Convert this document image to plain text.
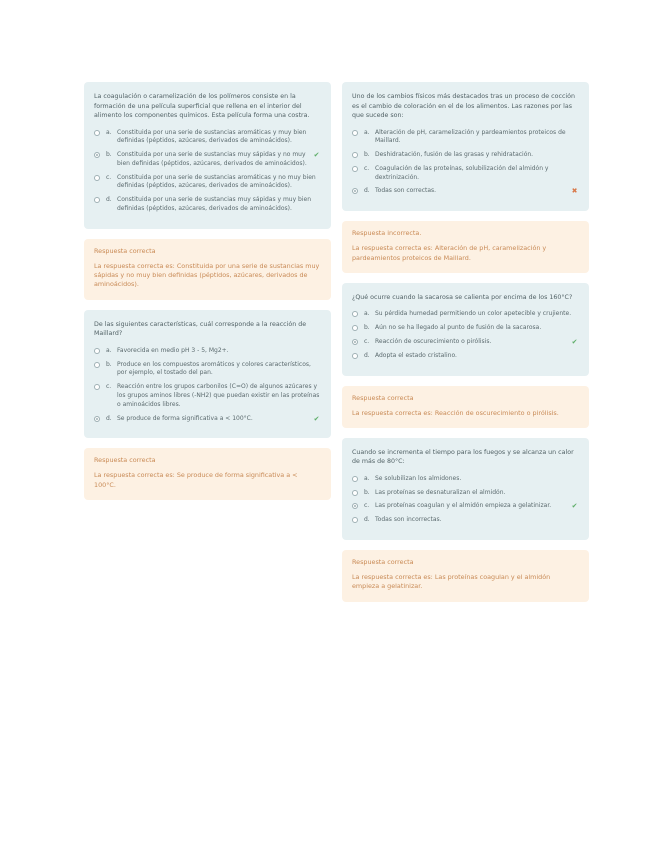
La coagulación o caramelización de los polímeros consiste en la formación de una película superficial que rellena en el interior del alimento los componentes químicos. Esta película forma una costra.

a. Constituida por una serie de sustancias aromáticas y muy bien definidas (péptidos, azúcares, derivados de aminoácidos).
b. Constituida por una serie de sustancias muy sápidas y no muy bien definidas (péptidos, azúcares, derivados de aminoácidos).
✔
c. Constituida por una serie de sustancias aromáticas y no muy bien definidas (péptidos, azúcares, derivados de aminoácidos).
d. Constituida por una serie de sustancias muy sápidas y muy bien definidas (péptidos, azúcares, derivados de aminoácidos).

Respuesta correcta

La respuesta correcta es: Constituida por una serie de sustancias muy sápidas y no muy bien definidas (péptidos, azúcares, derivados de aminoácidos).

De las siguientes características, cuál corresponde a la reacción de Maillard?

a. Favorecida en medio pH 3 - 5, Mg2+.
b. Produce en los compuestos aromáticos y colores característicos, por ejemplo, el tostado del pan.
c. Reacción entre los grupos carbonilos (C=O) de algunos azúcares y los grupos aminos libres (-NH2) que puedan existir en las proteínas o aminoácidos libres.
d. Se produce de forma significativa a < 100°C.	✔

Respuesta correcta

La respuesta correcta es: Se produce de forma significativa a < 100°C.

Uno de los cambios físicos más destacados tras un proceso de cocción es el cambio de coloración en el de los alimentos. Las razones por las que sucede son:

a. Alteración de pH, caramelización y pardeamientos proteicos de Maillard.
b. Deshidratación, fusión de las grasas y rehidratación.
c. Coagulación de las proteínas, solubilización del almidón y dextrinización.
d. Todas son correctas.	✖

Respuesta incorrecta.

La respuesta correcta es: Alteración de pH, caramelización y pardeamientos proteicos de Maillard.

¿Qué ocurre cuando la sacarosa se calienta por encima de los 160°C?

a. Su pérdida humedad permitiendo un color apetecible y crujiente.
b. Aún no se ha llegado al punto de fusión de la sacarosa.
c. Reacción de oscurecimiento o pirólisis.	✔
d. Adopta el estado cristalino.

Respuesta correcta

La respuesta correcta es: Reacción de oscurecimiento o pirólisis.

Cuando se incrementa el tiempo para los fuegos y se alcanza un calor de más de 80°C:

a. Se solubilizan los almidones.
b. Las proteínas se desnaturalizan el almidón.
c. Las proteínas coagulan y el almidón empieza a gelatinizar.	✔
d. Todas son incorrectas.

Respuesta correcta

La respuesta correcta es: Las proteínas coagulan y el almidón empieza a gelatinizar.
